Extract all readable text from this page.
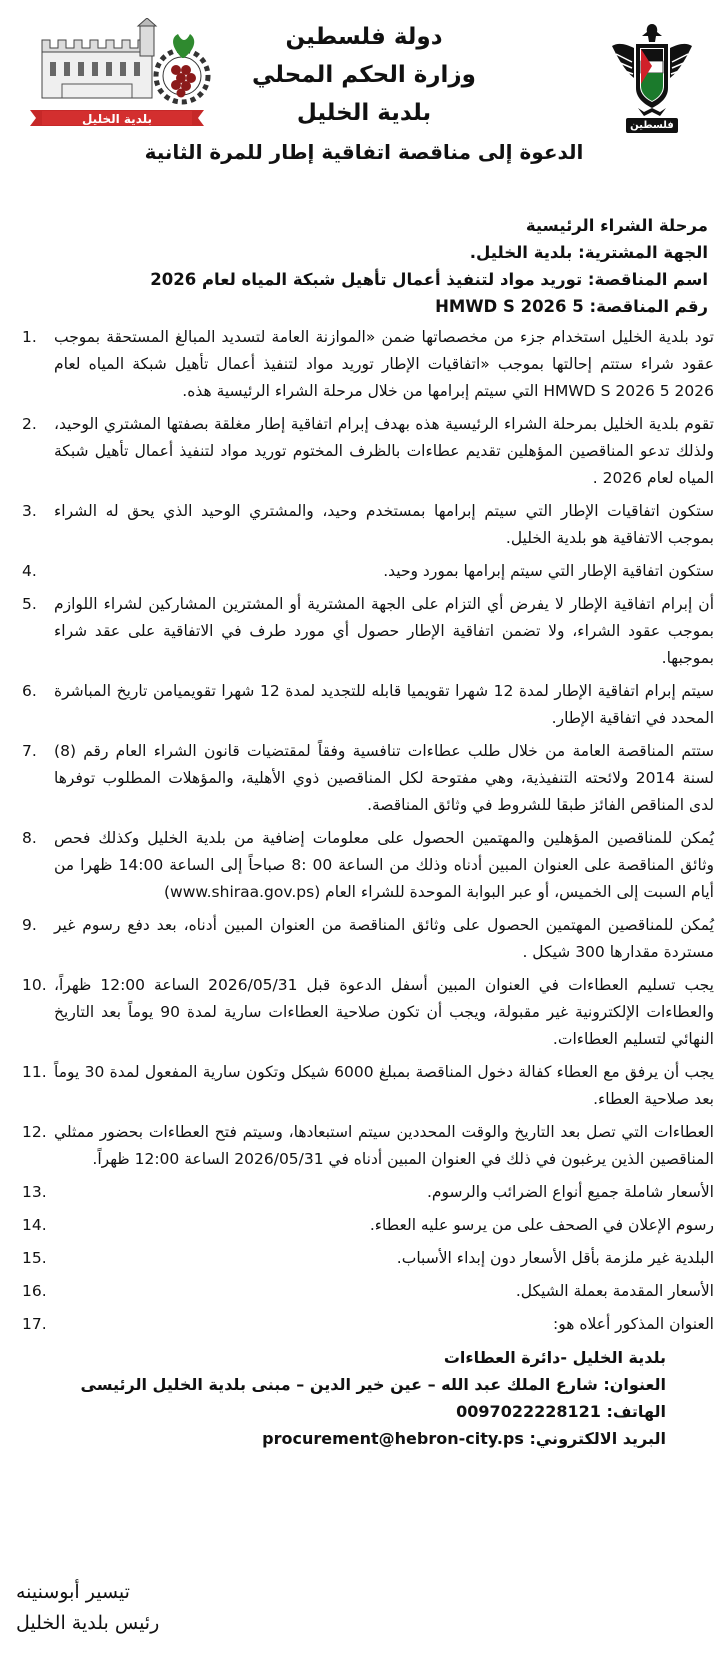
فلسطين
بلدية الخليل
دولة فلسطين
وزارة الحكم المحلي
بلدية الخليل
الدعوة إلى مناقصة اتفاقية إطار للمرة الثانية
مرحلة الشراء الرئيسية
الجهة المشترية: بلدية الخليل.
اسم المناقصة: توريد مواد لتنفيذ أعمال تأهيل شبكة المياه لعام 2026
رقم المناقصة: HMWD S 2026 5
تود بلدية الخليل استخدام جزء من مخصصاتها ضمن «الموازنة العامة لتسديد المبالغ المستحقة بموجب عقود شراء ستتم إحالتها بموجب «اتفاقيات الإطار توريد مواد لتنفيذ أعمال تأهيل شبكة المياه لعام 2026 HMWD S 2026 5 التي سيتم إبرامها من خلال مرحلة الشراء الرئيسية هذه.
1.
تقوم بلدية الخليل بمرحلة الشراء الرئيسية هذه بهدف إبرام اتفاقية إطار مغلقة بصفتها المشتري الوحيد، ولذلك تدعو المناقصين المؤهلين تقديم عطاءات بالظرف المختوم توريد مواد لتنفيذ أعمال تأهيل شبكة المياه لعام 2026 .
2.
ستكون اتفاقيات الإطار التي سيتم إبرامها بمستخدم وحيد، والمشتري الوحيد الذي يحق له الشراء بموجب الاتفاقية هو بلدية الخليل.
3.
ستكون اتفاقية الإطار التي سيتم إبرامها بمورد وحيد.
4.
أن إبرام اتفاقية الإطار لا يفرض أي التزام على الجهة المشترية أو المشترين المشاركين لشراء اللوازم بموجب عقود الشراء، ولا تضمن اتفاقية الإطار حصول أي مورد طرف في الاتفاقية على عقد شراء بموجبها.
5.
سيتم إبرام اتفاقية الإطار لمدة 12 شهرا تقويميا قابله للتجديد لمدة 12 شهرا تقويميامن تاريخ المباشرة المحدد في اتفاقية الإطار.
6.
ستتم المناقصة العامة من خلال طلب عطاءات تنافسية وفقاً لمقتضيات قانون الشراء العام رقم (8) لسنة 2014 ولائحته التنفيذية، وهي مفتوحة لكل المناقصين ذوي الأهلية، والمؤهلات المطلوب توفرها لدى المناقص الفائز طبقا للشروط في وثائق المناقصة.
7.
يُمكن للمناقصين المؤهلين والمهتمين الحصول على معلومات إضافية من بلدية الخليل وكذلك فحص وثائق المناقصة على العنوان المبين أدناه وذلك من الساعة 00 :8 صباحاً إلى الساعة 14:00 ظهرا من أيام السبت إلى الخميس، أو عبر البوابة الموحدة للشراء العام (www.shiraa.gov.ps)
8.
يُمكن للمناقصين المهتمين الحصول على وثائق المناقصة من العنوان المبين أدناه، بعد دفع رسوم غير مستردة مقدارها 300 شيكل .
9.
يجب تسليم العطاءات في العنوان المبين أسفل الدعوة قبل 2026/05/31 الساعة 12:00 ظهراً، والعطاءات الإلكترونية غير مقبولة، ويجب أن تكون صلاحية العطاءات سارية لمدة 90 يوماً بعد التاريخ النهائي لتسليم العطاءات.
10.
يجب أن يرفق مع العطاء كفالة دخول المناقصة بمبلغ 6000 شيكل وتكون سارية المفعول لمدة 30 يوماً بعد صلاحية العطاء.
11.
العطاءات التي تصل بعد التاريخ والوقت المحددين سيتم استبعادها، وسيتم فتح العطاءات بحضور ممثلي المناقصين الذين يرغبون في ذلك في العنوان المبين أدناه في 2026/05/31 الساعة 12:00 ظهراً.
12.
الأسعار شاملة جميع أنواع الضرائب والرسوم.
13.
رسوم الإعلان في الصحف على من يرسو عليه العطاء.
14.
البلدية غير ملزمة بأقل الأسعار دون إبداء الأسباب.
15.
الأسعار المقدمة بعملة الشيكل.
16.
العنوان المذكور أعلاه هو:
17.
بلدية الخليل -دائرة العطاءات
العنوان: شارع الملك عبد الله – عين خير الدين – مبنى بلدية الخليل الرئيسى
الهاتف: 0097022228121
البريد الالكتروني: procurement@hebron-city.ps
تيسير أبوسنينه
رئيس بلدية الخليل
